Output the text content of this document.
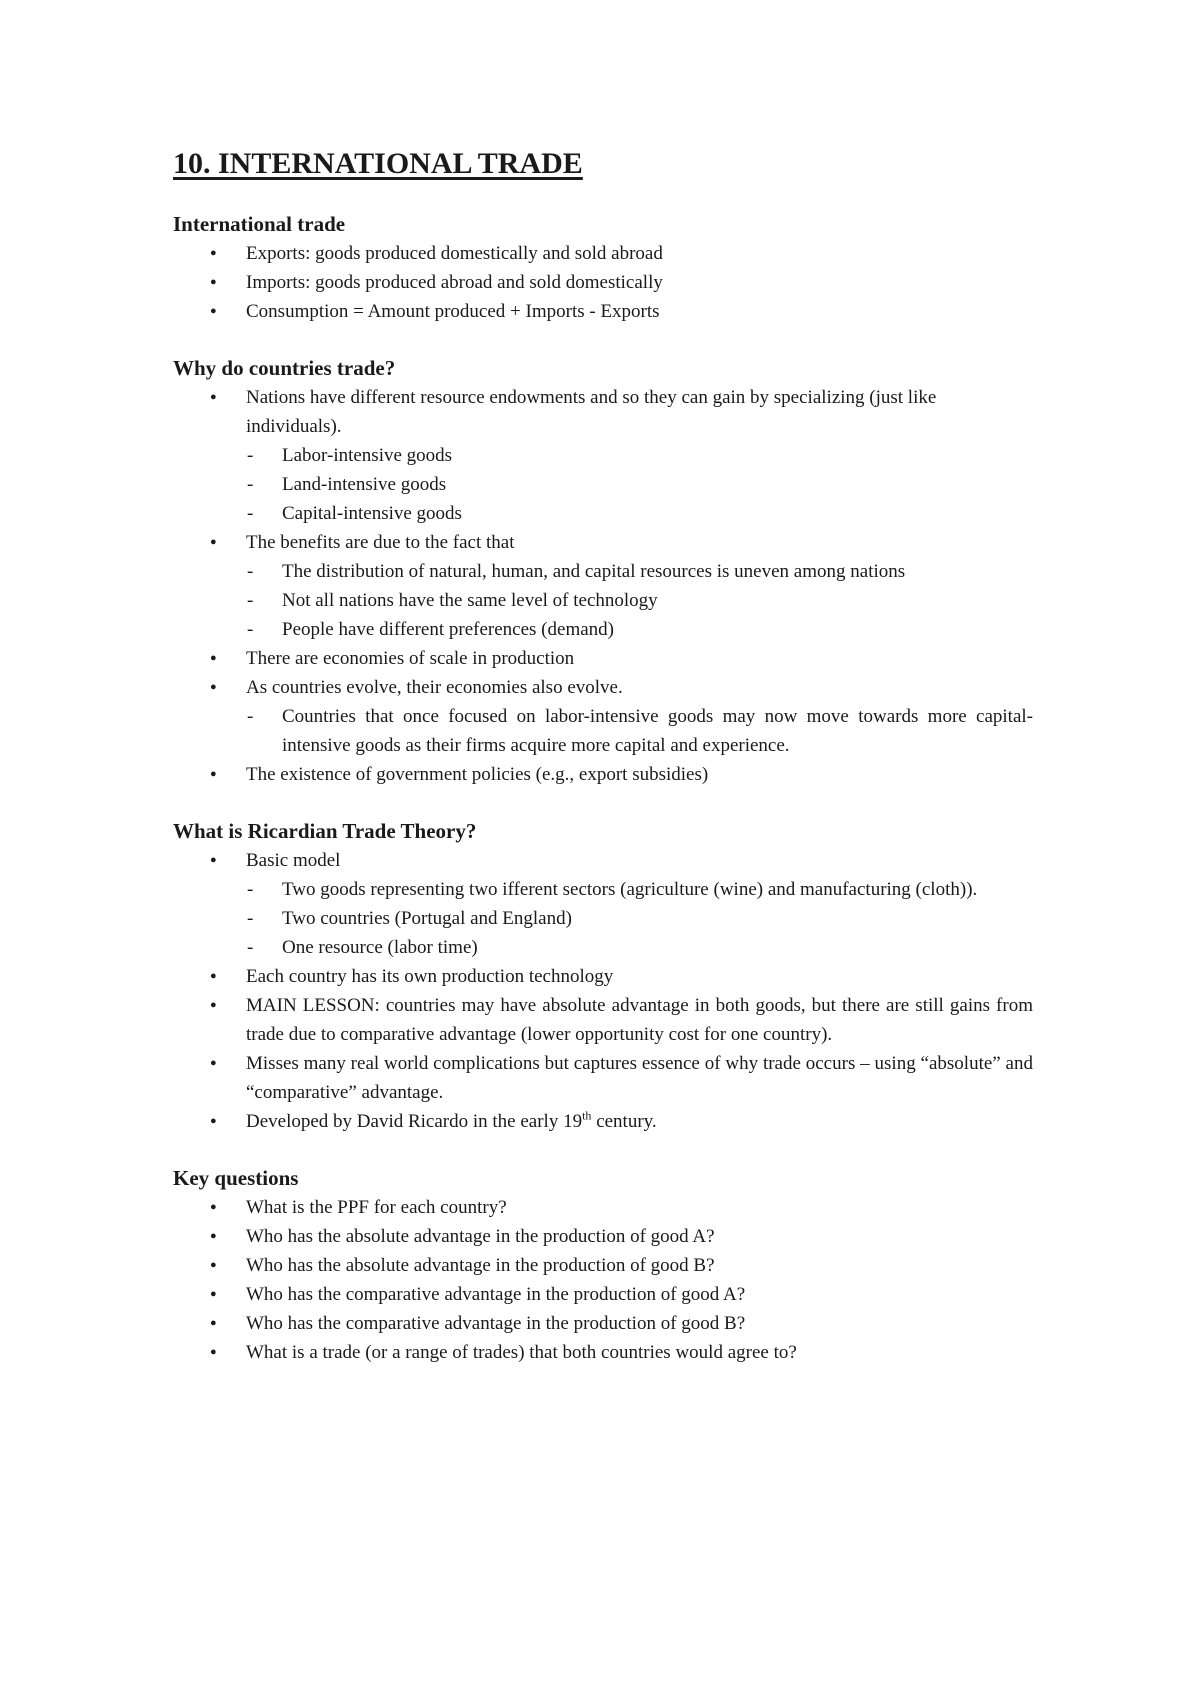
10. INTERNATIONAL TRADE
International trade
● Exports: goods produced domestically and sold abroad
● Imports: goods produced abroad and sold domestically
● Consumption = Amount produced + Imports - Exports
Why do countries trade?
● Nations have different resource endowments and so they can gain by specializing (just like individuals).
- Labor-intensive goods
- Land-intensive goods
- Capital-intensive goods
● The benefits are due to the fact that
- The distribution of natural, human, and capital resources is uneven among nations
- Not all nations have the same level of technology
- People have different preferences (demand)
● There are economies of scale in production
● As countries evolve, their economies also evolve.
- Countries that once focused on labor-intensive goods may now move towards more capital-intensive goods as their firms acquire more capital and experience.
● The existence of government policies (e.g., export subsidies)
What is Ricardian Trade Theory?
● Basic model
- Two goods representing two ifferent sectors (agriculture (wine) and manufacturing (cloth)).
- Two countries (Portugal and England)
- One resource (labor time)
● Each country has its own production technology
● MAIN LESSON: countries may have absolute advantage in both goods, but there are still gains from trade due to comparative advantage (lower opportunity cost for one country).
● Misses many real world complications but captures essence of why trade occurs – using “absolute” and “comparative” advantage.
● Developed by David Ricardo in the early 19th century.
Key questions
● What is the PPF for each country?
● Who has the absolute advantage in the production of good A?
● Who has the absolute advantage in the production of good B?
● Who has the comparative advantage in the production of good A?
● Who has the comparative advantage in the production of good B?
● What is a trade (or a range of trades) that both countries would agree to?
